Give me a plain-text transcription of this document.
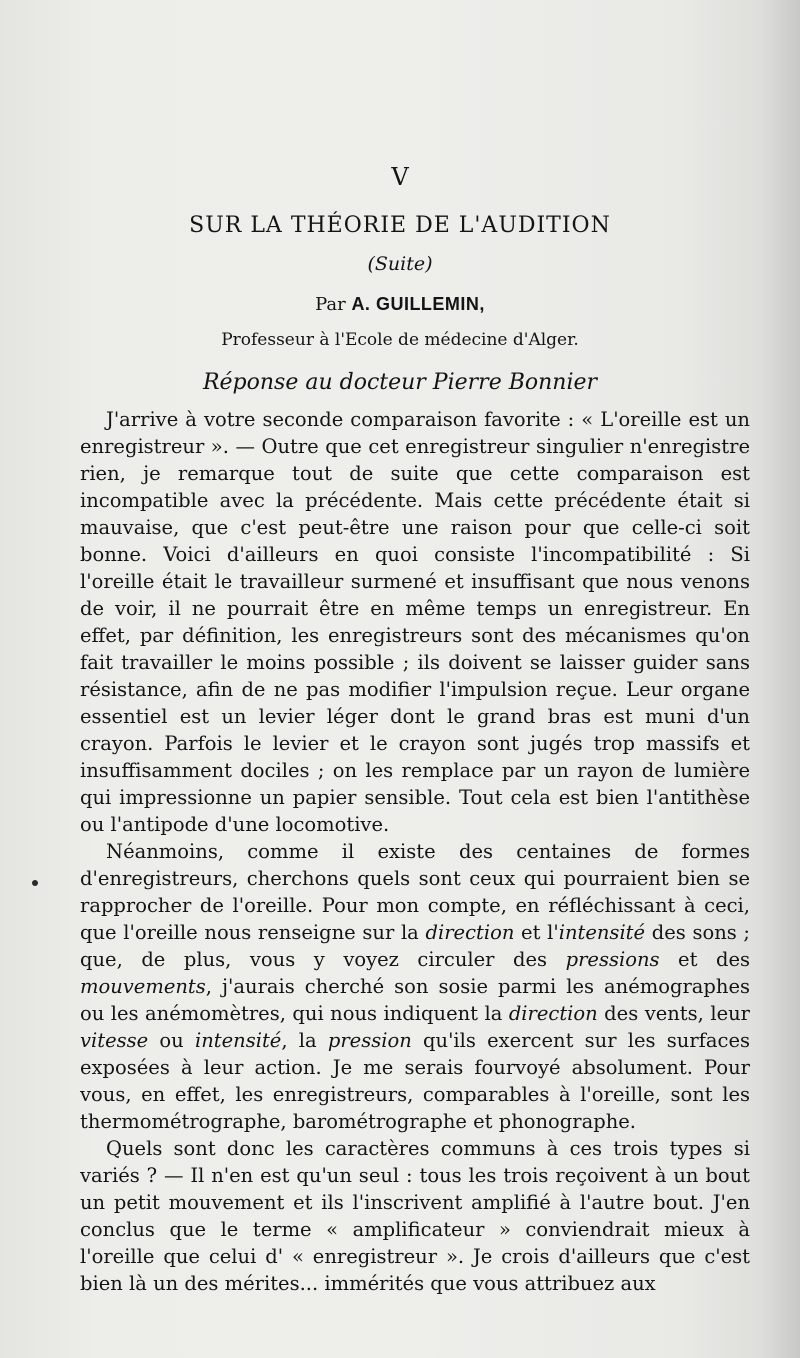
V
SUR LA THÉORIE DE L'AUDITION
(Suite)
Par A. GUILLEMIN,
Professeur à l'Ecole de médecine d'Alger.
Réponse au docteur Pierre Bonnier

J'arrive à votre seconde comparaison favorite : « L'oreille est un enregistreur ». — Outre que cet enregistreur singulier n'enregistre rien, je remarque tout de suite que cette comparaison est incompatible avec la précédente. Mais cette précédente était si mauvaise, que c'est peut-être une raison pour que celle-ci soit bonne. Voici d'ailleurs en quoi consiste l'incompatibilité : Si l'oreille était le travailleur surmené et insuffisant que nous venons de voir, il ne pourrait être en même temps un enregistreur. En effet, par définition, les enregistreurs sont des mécanismes qu'on fait travailler le moins possible ; ils doivent se laisser guider sans résistance, afin de ne pas modifier l'impulsion reçue. Leur organe essentiel est un levier léger dont le grand bras est muni d'un crayon. Parfois le levier et le crayon sont jugés trop massifs et insuffisamment dociles ; on les remplace par un rayon de lumière qui impressionne un papier sensible. Tout cela est bien l'antithèse ou l'antipode d'une locomotive.

Néanmoins, comme il existe des centaines de formes d'enregistreurs, cherchons quels sont ceux qui pourraient bien se rapprocher de l'oreille. Pour mon compte, en réfléchissant à ceci, que l'oreille nous renseigne sur la direction et l'intensité des sons ; que, de plus, vous y voyez circuler des pressions et des mouvements, j'aurais cherché son sosie parmi les anémographes ou les anémomètres, qui nous indiquent la direction des vents, leur vitesse ou intensité, la pression qu'ils exercent sur les surfaces exposées à leur action. Je me serais fourvoyé absolument. Pour vous, en effet, les enregistreurs, comparables à l'oreille, sont les thermométrographe, barométrographe et phonographe.

Quels sont donc les caractères communs à ces trois types si variés ? — Il n'en est qu'un seul : tous les trois reçoivent à un bout un petit mouvement et ils l'inscrivent amplifié à l'autre bout. J'en conclus que le terme « amplificateur » conviendrait mieux à l'oreille que celui d' « enregistreur ». Je crois d'ailleurs que c'est bien là un des mérites... immérités que vous attribuez aux
